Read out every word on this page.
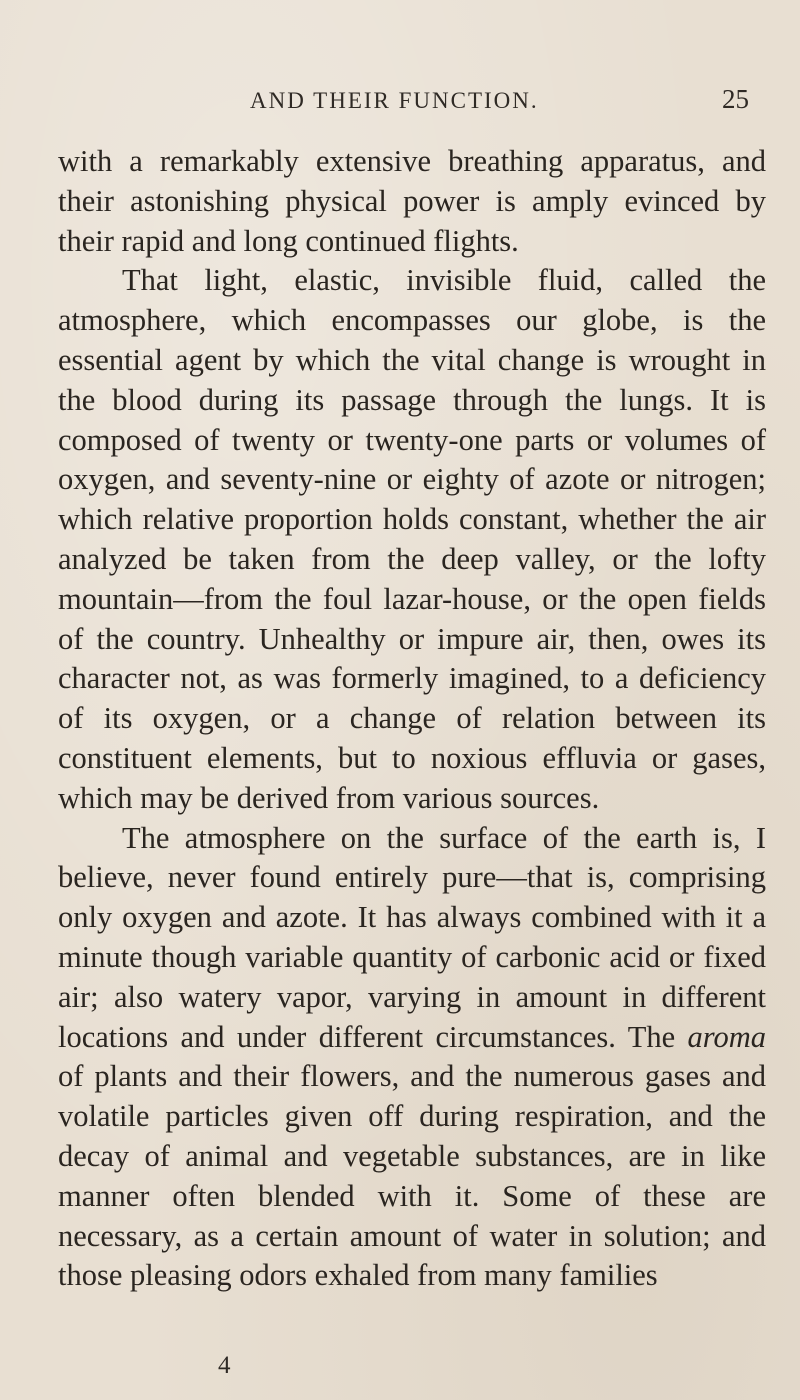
AND THEIR FUNCTION.	25

with a remarkably extensive breathing apparatus, and their astonishing physical power is amply evinced by their rapid and long continued flights.

That light, elastic, invisible fluid, called the atmosphere, which encompasses our globe, is the essential agent by which the vital change is wrought in the blood during its passage through the lungs. It is composed of twenty or twenty-one parts or volumes of oxygen, and seventy-nine or eighty of azote or nitrogen; which relative proportion holds constant, whether the air analyzed be taken from the deep valley, or the lofty mountain—from the foul lazar-house, or the open fields of the country. Unhealthy or impure air, then, owes its character not, as was formerly imagined, to a deficiency of its oxygen, or a change of relation between its constituent elements, but to noxious effluvia or gases, which may be derived from various sources.

The atmosphere on the surface of the earth is, I believe, never found entirely pure—that is, comprising only oxygen and azote. It has always combined with it a minute though variable quantity of carbonic acid or fixed air; also watery vapor, varying in amount in different locations and under different circumstances. The aroma of plants and their flowers, and the numerous gases and volatile particles given off during respiration, and the decay of animal and vegetable substances, are in like manner often blended with it. Some of these are necessary, as a certain amount of water in solution; and those pleasing odors exhaled from many families

4
